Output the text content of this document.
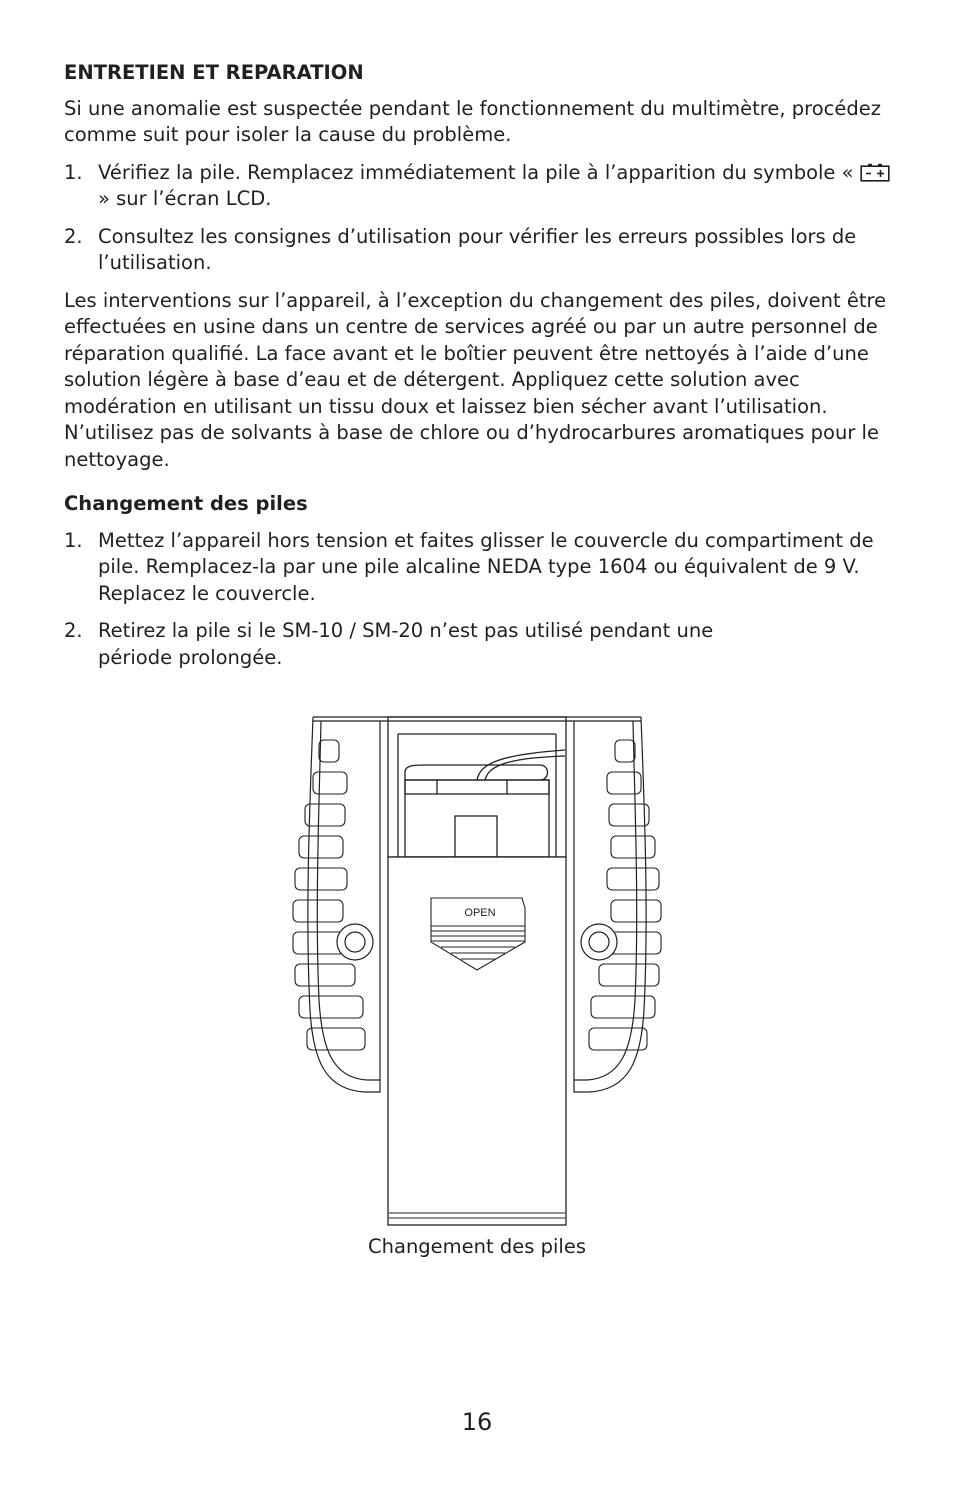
ENTRETIEN ET REPARATION

Si une anomalie est suspectée pendant le fonctionnement du multimètre, procédez comme suit pour isoler la cause du problème.

1. Vérifiez la pile. Remplacez immédiatement la pile à l’apparition du symbole «  » sur l’écran LCD.
2. Consultez les consignes d’utilisation pour vérifier les erreurs possibles lors de l’utilisation.

Les interventions sur l’appareil, à l’exception du changement des piles, doivent être effectuées en usine dans un centre de services agréé ou par un autre personnel de réparation qualifié. La face avant et le boîtier peuvent être nettoyés à l’aide d’une solution légère à base d’eau et de détergent. Appliquez cette solution avec modération en utilisant un tissu doux et laissez bien sécher avant l’utilisation. N’utilisez pas de solvants à base de chlore ou d’hydrocarbures aromatiques pour le nettoyage.

Changement des piles
1. Mettez l’appareil hors tension et faites glisser le couvercle du compartiment de pile. Remplacez-la par une pile alcaline NEDA type 1604 ou équivalent de 9 V. Replacez le couvercle.
2. Retirez la pile si le SM-10 / SM-20 n’est pas utilisé pendant une période prolongée.
OPEN
Changement des piles
16
